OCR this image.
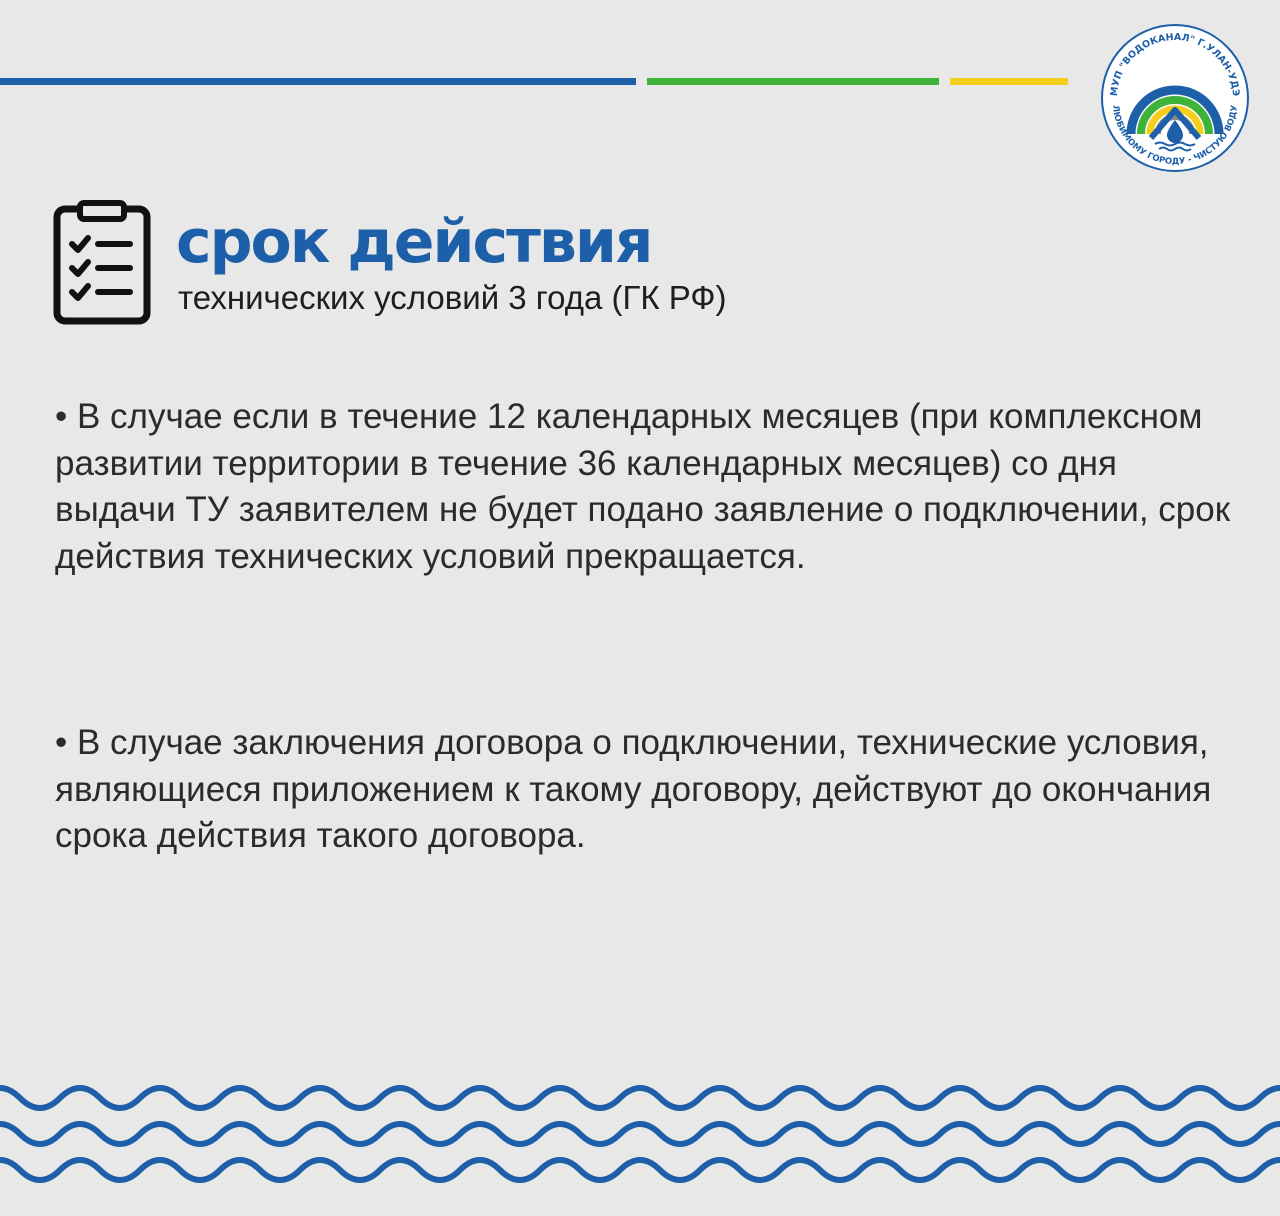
МУП "ВОДОКАНАЛ" Г.УЛАН-УДЭ
ЛЮБИМОМУ ГОРОДУ - ЧИСТУЮ ВОДУ
срок действия

технических условий 3 года (ГК РФ)

• В случае если в течение 12 календарных месяцев (при комплексном развитии территории в течение 36 календарных месяцев) со дня выдачи ТУ заявителем не будет подано заявление о подключении, срок действия технических условий прекращается.

• В случае заключения договора о подключении, технические условия, являющиеся приложением к такому договору, действуют до окончания срока действия такого договора.
